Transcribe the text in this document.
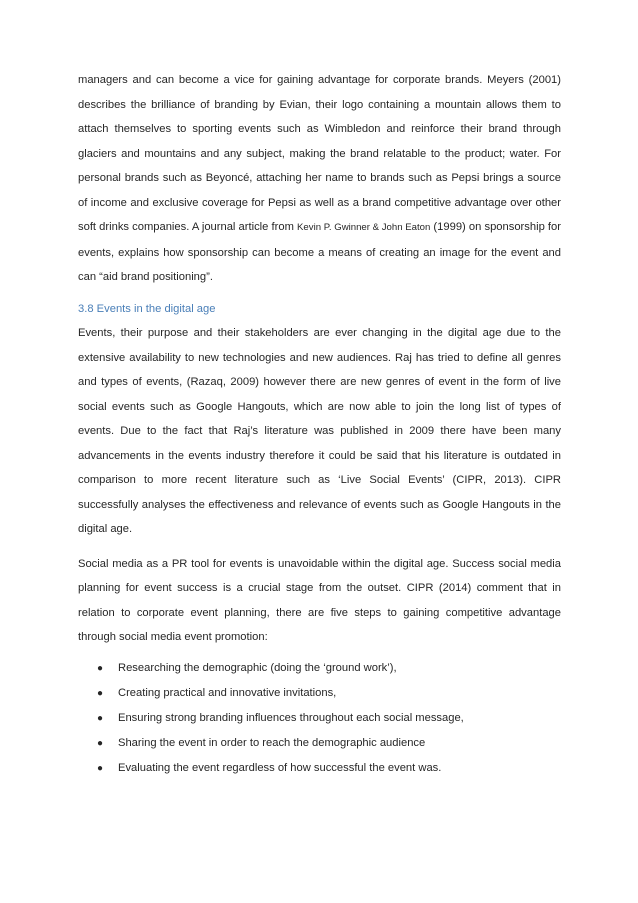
managers and can become a vice for gaining advantage for corporate brands. Meyers (2001) describes the brilliance of branding by Evian, their logo containing a mountain allows them to attach themselves to sporting events such as Wimbledon and reinforce their brand through glaciers and mountains and any subject, making the brand relatable to the product; water. For personal brands such as Beyoncé, attaching her name to brands such as Pepsi brings a source of income and exclusive coverage for Pepsi as well as a brand competitive advantage over other soft drinks companies. A journal article from Kevin P. Gwinner & John Eaton (1999) on sponsorship for events, explains how sponsorship can become a means of creating an image for the event and can “aid brand positioning”.

3.8 Events in the digital age

Events, their purpose and their stakeholders are ever changing in the digital age due to the extensive availability to new technologies and new audiences. Raj has tried to define all genres and types of events, (Razaq, 2009) however there are new genres of event in the form of live social events such as Google Hangouts, which are now able to join the long list of types of events. Due to the fact that Raj’s literature was published in 2009 there have been many advancements in the events industry therefore it could be said that his literature is outdated in comparison to more recent literature such as ‘Live Social Events’ (CIPR, 2013). CIPR successfully analyses the effectiveness and relevance of events such as Google Hangouts in the digital age.

Social media as a PR tool for events is unavoidable within the digital age. Success social media planning for event success is a crucial stage from the outset. CIPR (2014) comment that in relation to corporate event planning, there are five steps to gaining competitive advantage through social media event promotion:

● Researching the demographic (doing the ‘ground work’),
● Creating practical and innovative invitations,
● Ensuring strong branding influences throughout each social message,
● Sharing the event in order to reach the demographic audience
● Evaluating the event regardless of how successful the event was.
